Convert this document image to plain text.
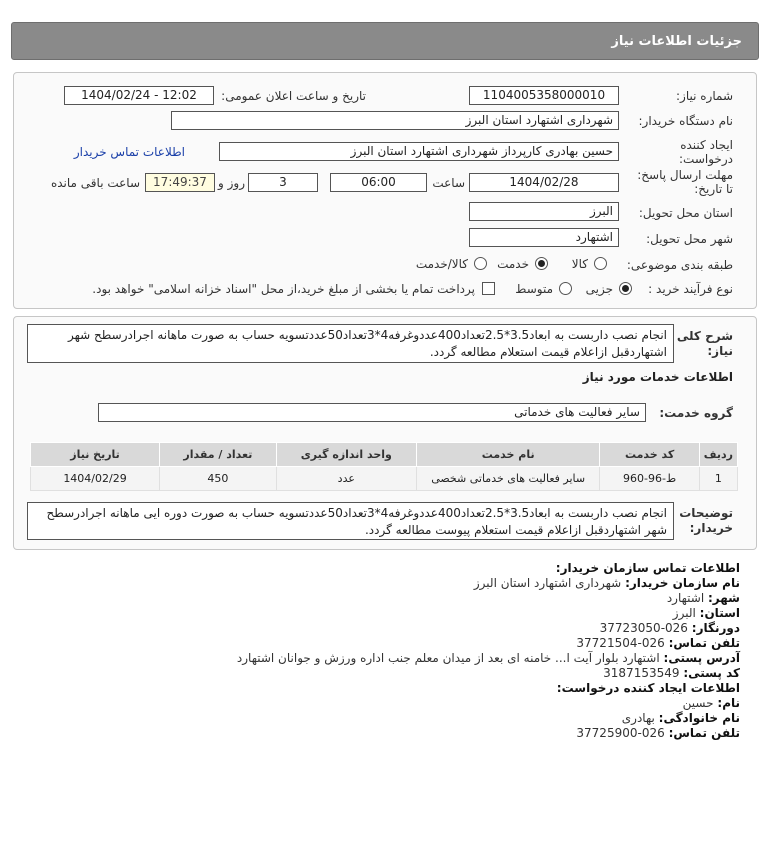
جزئیات اطلاعات نیاز
شماره نیاز:
1104005358000010
تاریخ و ساعت اعلان عمومی:
1404/02/24 - 12:02
نام دستگاه خریدار:
شهرداری اشتهارد استان البرز
ایجاد کننده
درخواست:
حسین بهادری کارپرداز شهرداری اشتهارد استان البرز
اطلاعات تماس خریدار
مهلت ارسال پاسخ:
تا تاریخ:
1404/02/28
ساعت
06:00
3
روز و
17:49:37
ساعت باقی مانده
استان محل تحویل:
البرز
شهر محل تحویل:
اشتهارد
طبقه بندی موضوعی:
کالا
خدمت
کالا/خدمت
نوع فرآیند خرید :
جزیی
متوسط
پرداخت تمام یا بخشی از مبلغ خرید،از محل "اسناد خزانه اسلامی" خواهد بود.
شرح کلی
نیاز:
انجام نصب داربست به ابعاد3.5*2.5تعداد400عددوغرفه4*3تعداد50عددتسویه حساب به صورت ماهانه اجرادرسطح شهر اشتهاردقبل ازاعلام قیمت استعلام مطالعه گردد.
اطلاعات خدمات مورد نیاز
گروه خدمت:
سایر فعالیت های خدماتی
ردیف	کد خدمت	نام خدمت	واحد اندازه گیری	تعداد / مقدار	تاریخ نیاز
1	ط-96-960	سایر فعالیت های خدماتی شخصی	عدد	450	1404/02/29
توضیحات
خریدار:
انجام نصب داربست به ابعاد3.5*2.5تعداد400عددوغرفه4*3تعداد50عددتسویه حساب به صورت دوره ایی ماهانه اجرادرسطح شهر اشتهاردقبل ازاعلام قیمت استعلام پیوست مطالعه گردد.
اطلاعات تماس سازمان خریدار:
نام سازمان خریدار: شهرداری اشتهارد استان البرز
شهر: اشتهارد
استان: البرز
دورنگار: 026-37723050
تلفن تماس: 026-37721504
آدرس پستی: اشتهارد بلوار آیت ا... خامنه ای بعد از میدان معلم جنب اداره ورزش و جوانان اشتهارد
کد پستی: 3187153549
اطلاعات ایجاد کننده درخواست:
نام: حسین
نام خانوادگی: بهادری
تلفن تماس: 026-37725900
